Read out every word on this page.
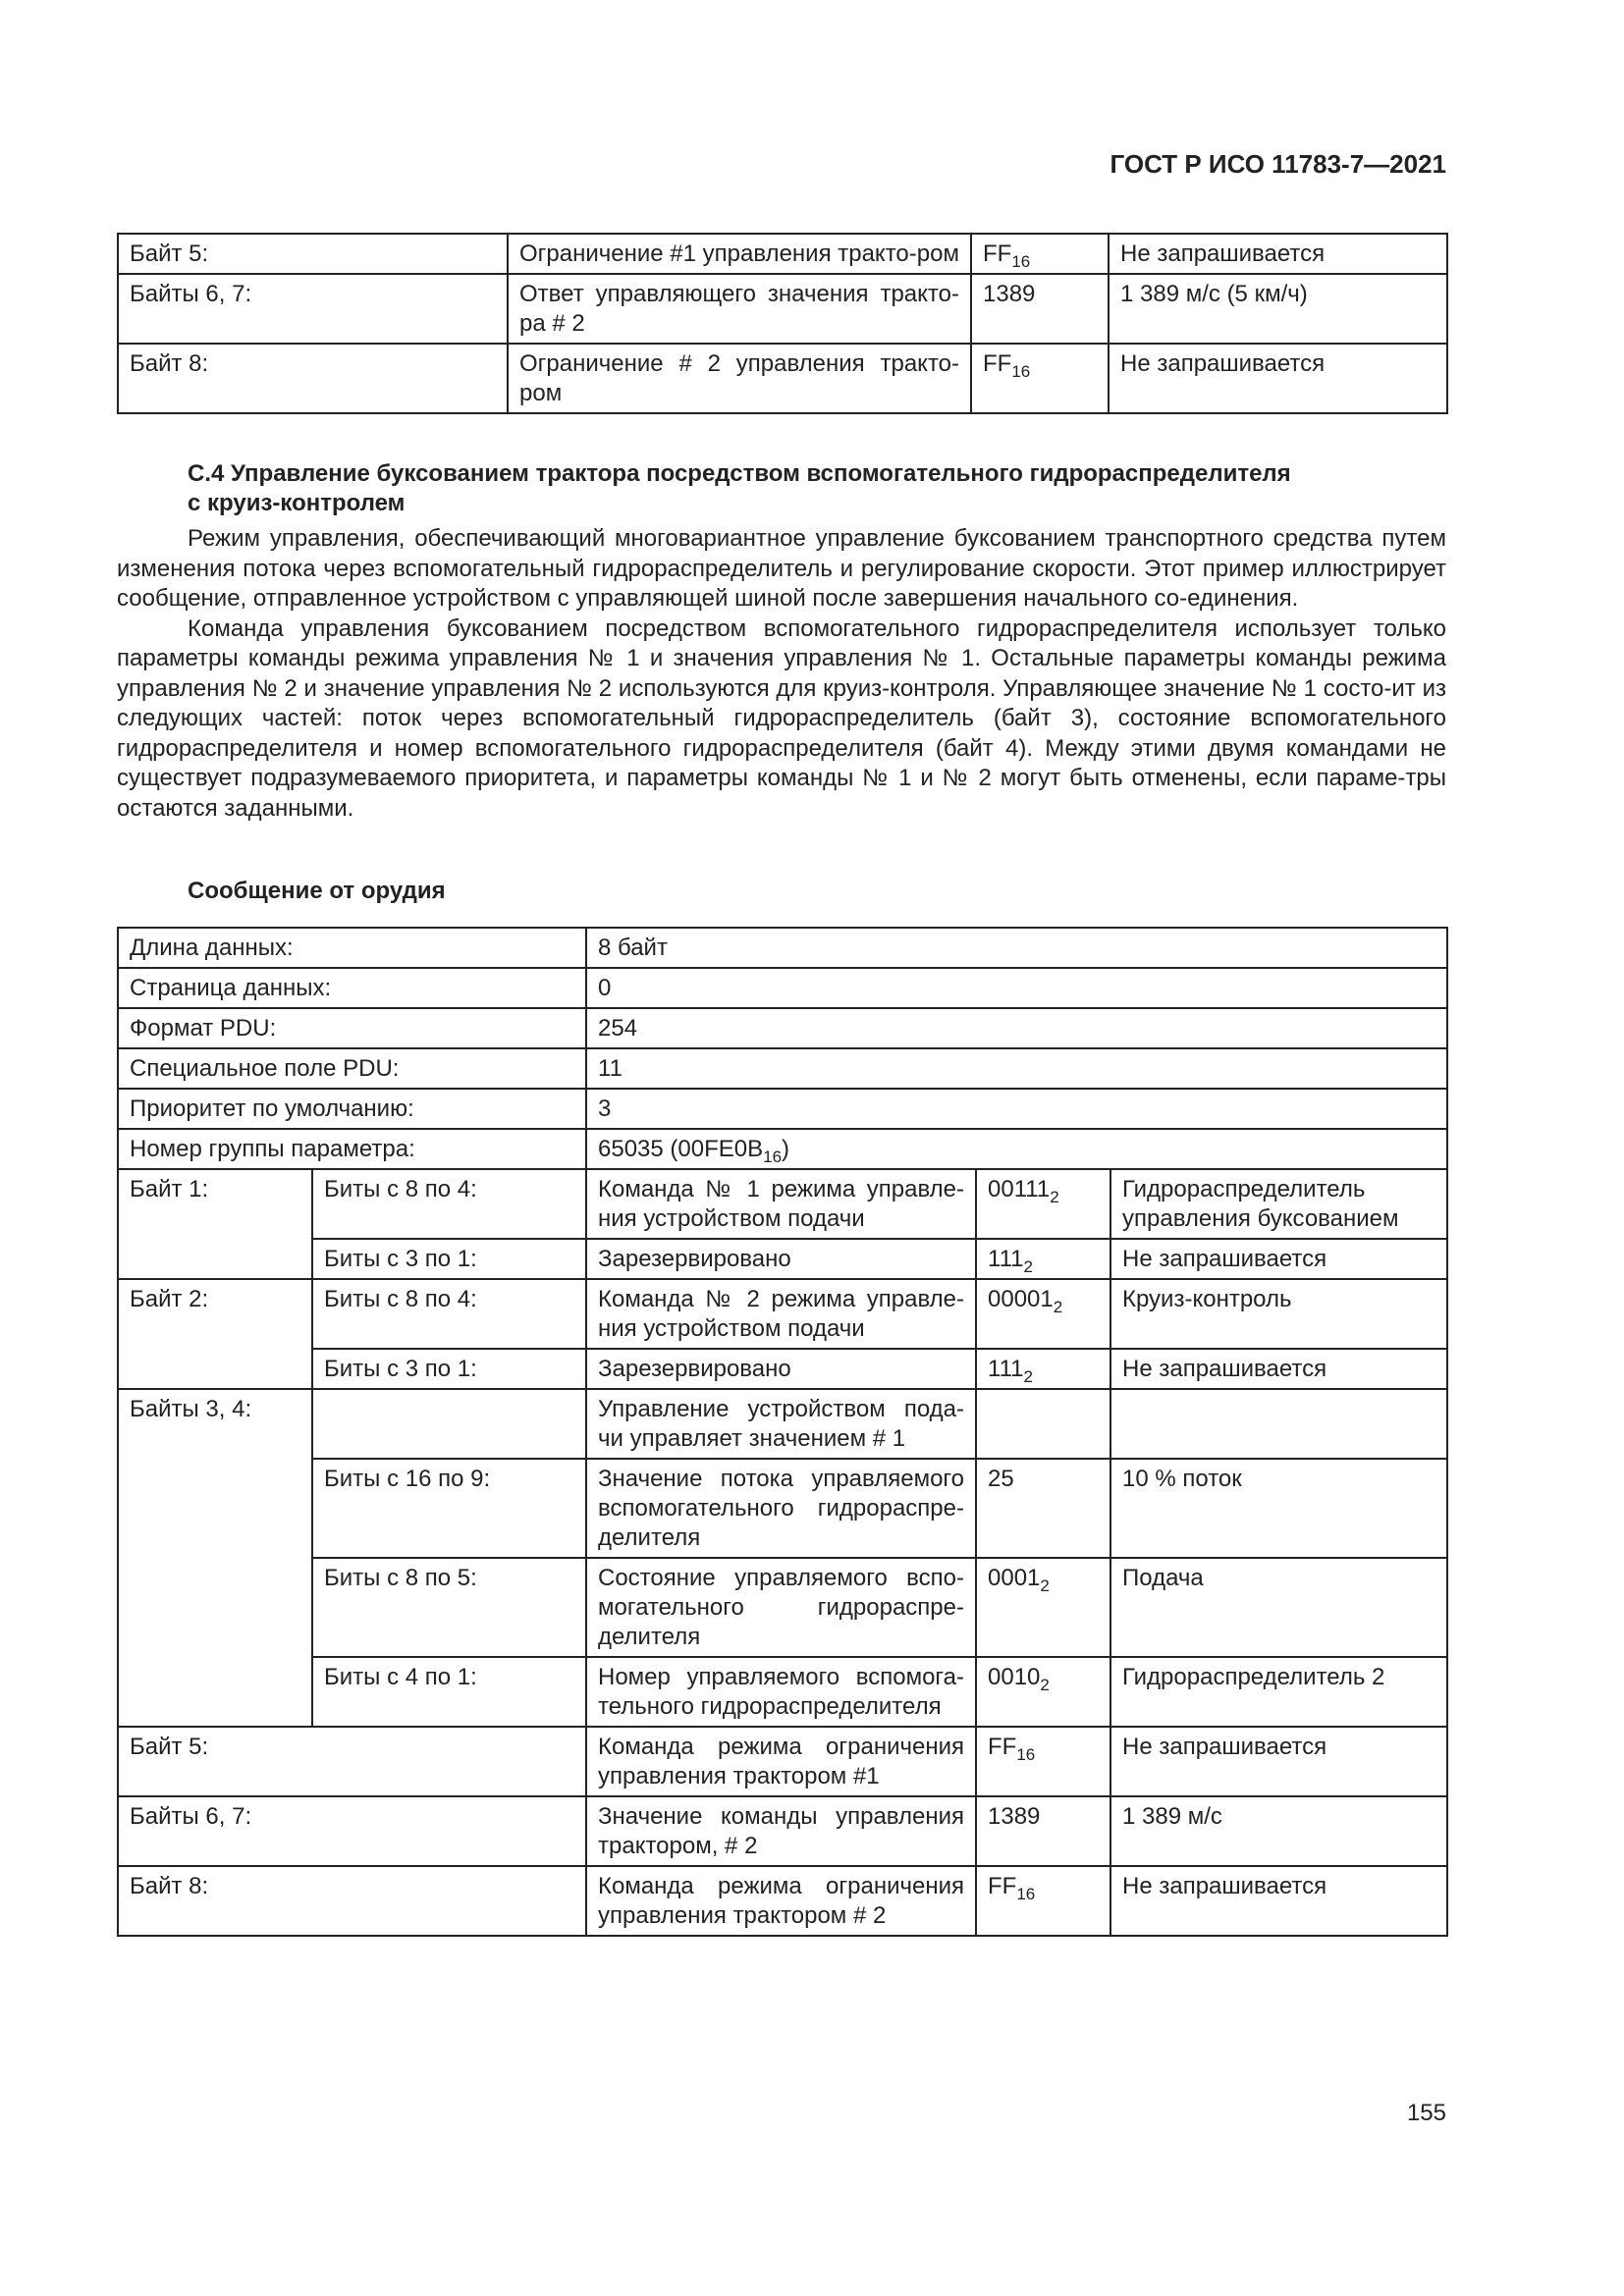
ГОСТ Р ИСО 11783-7—2021
Байт 5:	Ограничение #1 управления тракто-ром	$FF_{16}$	Не запрашивается
Байты 6, 7:	Ответ управляющего значения тракто-ра # 2	1389	1 389 м/с (5 км/ч)
Байт 8:	Ограничение # 2 управления тракто-ром	$FF_{16}$	Не запрашивается
С.4 Управление буксованием трактора посредством вспомогательного гидрораспределителя
с круиз-контролем

Режим управления, обеспечивающий многовариантное управление буксованием транспортного средства путем изменения потока через вспомогательный гидрораспределитель и регулирование скорости. Этот пример иллюстрирует сообщение, отправленное устройством с управляющей шиной после завершения начального со-единения.

Команда управления буксованием посредством вспомогательного гидрораспределителя использует только параметры команды режима управления № 1 и значения управления № 1. Остальные параметры команды режима управления № 2 и значение управления № 2 используются для круиз-контроля. Управляющее значение № 1 состо-ит из следующих частей: поток через вспомогательный гидрораспределитель (байт 3), состояние вспомогательного гидрораспределителя и номер вспомогательного гидрораспределителя (байт 4). Между этими двумя командами не существует подразумеваемого приоритета, и параметры команды № 1 и № 2 могут быть отменены, если параме-тры остаются заданными.

Сообщение от орудия
Длина данных:		8 байт		
Страница данных:		0		
Формат PDU:		254		
Специальное поле PDU:		11		
Приоритет по умолчанию:		3		
Номер группы параметра:		65035 $(00FE0B_{16})$		
Байт 1:	Биты с 8 по 4:	Команда № 1 режима управле-ния устройством подачи	$00111_2$	Гидрораспределитель управления буксованием
	Биты с 3 по 1:	Зарезервировано	$111_2$	Не запрашивается
Байт 2:	Биты с 8 по 4:	Команда № 2 режима управле-ния устройством подачи	$00001_2$	Круиз-контроль
	Биты с 3 по 1:	Зарезервировано	$111_2$	Не запрашивается
Байты 3, 4:		Управление устройством пода-чи управляет значением # 1		
	Биты с 16 по 9:	Значение потока управляемого вспомогательного гидрораспре-делителя	25	10 % поток
	Биты с 8 по 5:	Состояние управляемого вспо-могательного гидрораспре-делителя	$0001_2$	Подача
	Биты с 4 по 1:	Номер управляемого вспомога-тельного гидрораспределителя	$0010_2$	Гидрораспределитель 2
Байт 5:		Команда режима ограничения управления трактором #1	$FF_{16}$	Не запрашивается
Байты 6, 7:		Значение команды управления трактором, # 2	1389	1 389 м/с
Байт 8:		Команда режима ограничения управления трактором # 2	$FF_{16}$	Не запрашивается
155
